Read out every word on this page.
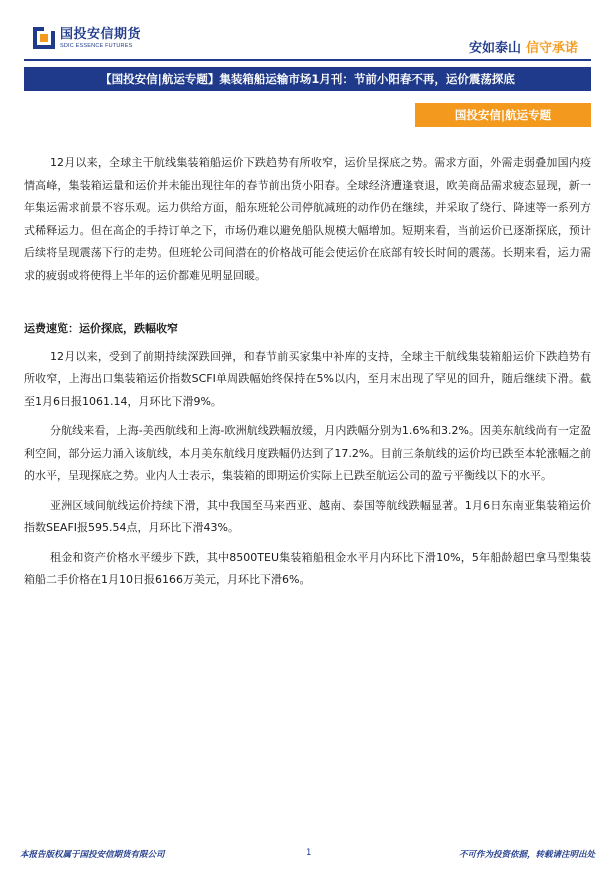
国投安信期货
SDIC ESSENCE FUTURES	安如泰山 信守承诺
【国投安信|航运专题】集装箱船运输市场1月刊：节前小阳春不再，运价震荡探底
国投安信|航运专题

12月以来，全球主干航线集装箱船运价下跌趋势有所收窄，运价呈探底之势。需求方面，外需走弱叠加国内疫情高峰，集装箱运量和运价并未能出现往年的春节前出货小阳春。全球经济遭逢衰退，欧美商品需求疲态显现，新一年集运需求前景不容乐观。运力供给方面，船东班轮公司停航减班的动作仍在继续，并采取了绕行、降速等一系列方式稀释运力。但在高企的手持订单之下，市场仍难以避免船队规模大幅增加。短期来看，当前运价已逐渐探底，预计后续将呈现震荡下行的走势。但班轮公司间潜在的价格战可能会使运价在底部有较长时间的震荡。长期来看，运力需求的疲弱或将使得上半年的运价都难见明显回暖。

运费速览：运价探底，跌幅收窄

12月以来，受到了前期持续深跌回弹，和春节前买家集中补库的支持，全球主干航线集装箱船运价下跌趋势有所收窄，上海出口集装箱运价指数SCFI单周跌幅始终保持在5%以内，至月末出现了罕见的回升，随后继续下滑。截至1月6日报1061.14，月环比下滑9%。

分航线来看，上海-美西航线和上海-欧洲航线跌幅放缓，月内跌幅分别为1.6%和3.2%。因美东航线尚有一定盈利空间，部分运力涌入该航线，本月美东航线月度跌幅仍达到了17.2%。目前三条航线的运价均已跌至本轮涨幅之前的水平，呈现探底之势。业内人士表示，集装箱的即期运价实际上已跌至航运公司的盈亏平衡线以下的水平。

亚洲区域间航线运价持续下滑，其中我国至马来西亚、越南、泰国等航线跌幅显著。1月6日东南亚集装箱运价指数SEAFI报595.54点，月环比下滑43%。

租金和资产价格水平缓步下跌，其中8500TEU集装箱船租金水平月内环比下滑10%，5年船龄超巴拿马型集装箱船二手价格在1月10日报6166万美元，月环比下滑6%。

本报告版权属于国投安信期货有限公司	1	不可作为投资依据，转载请注明出处
